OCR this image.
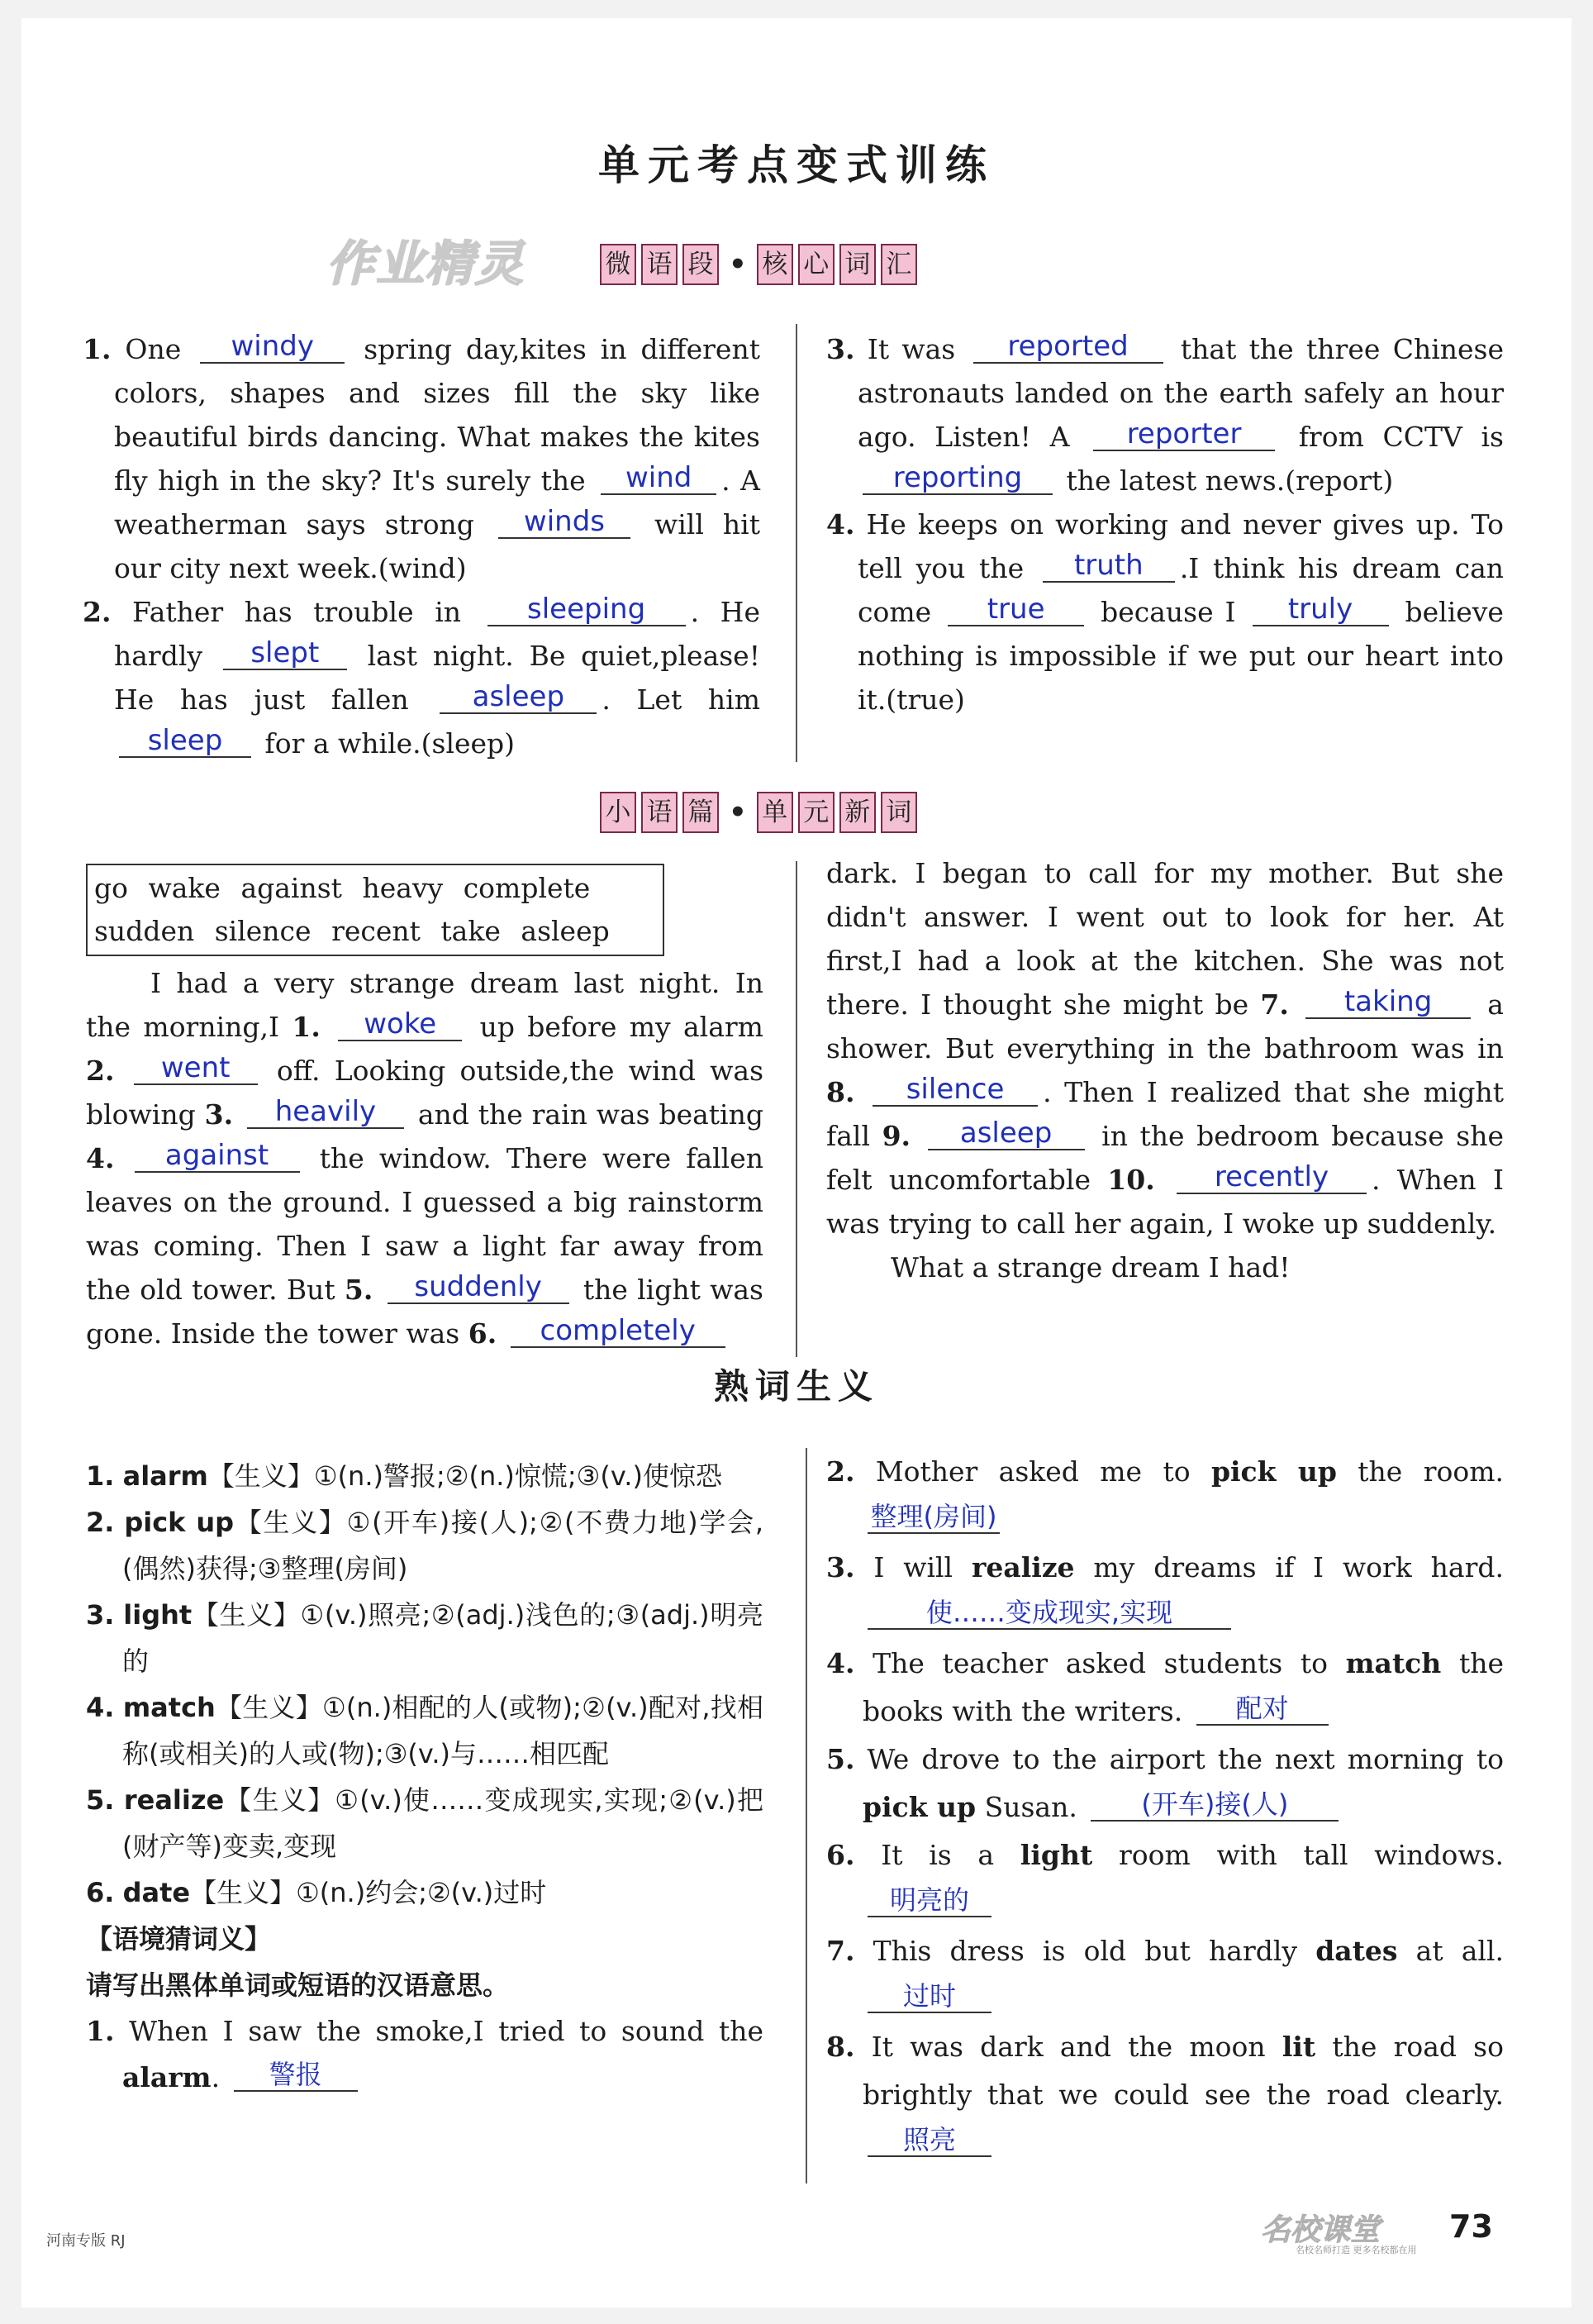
单元考点变式训练
作业精灵	微 语 段 • 核 心 词 汇

1. One windy spring day,kites in different colors, shapes and sizes fill the sky like beautiful birds dancing. What makes the kites fly high in the sky? It's surely the wind . A weatherman says strong winds will hit our city next week.(wind)

2. Father has trouble in sleeping . He hardly slept last night. Be quiet,please! He has just fallen asleep . Let him sleep for a while.(sleep)

3. It was reported that the three Chinese astronauts landed on the earth safely an hour ago. Listen! A reporter from CCTV is reporting the latest news.(report)

4. He keeps on working and never gives up. To tell you the truth .I think his dream can come true because I truly believe nothing is impossible if we put our heart into it.(true)

小 语 篇 • 单 元 新 词
go wake against heavy complete
sudden silence recent take asleep

I had a very strange dream last night. In the morning,I 1. woke up before my alarm 2. went off. Looking outside,the wind was blowing 3. heavily and the rain was beating 4. against the window. There were fallen leaves on the ground. I guessed a big rainstorm was coming. Then I saw a light far away from the old tower. But 5. suddenly the light was gone. Inside the tower was 6. completely

dark. I began to call for my mother. But she didn't answer. I went out to look for her. At first,I had a look at the kitchen. She was not there. I thought she might be 7. taking a shower. But everything in the bathroom was in 8. silence . Then I realized that she might fall 9. asleep in the bedroom because she felt uncomfortable 10. recently . When I was trying to call her again, I woke up suddenly.

What a strange dream I had!

熟词生义

1. alarm【生义】①(n.)警报;②(n.)惊慌;③(v.)使惊恐

2. pick up【生义】①(开车)接(人);②(不费力地)学会,(偶然)获得;③整理(房间)

3. light【生义】①(v.)照亮;②(adj.)浅色的;③(adj.)明亮的

4. match【生义】①(n.)相配的人(或物);②(v.)配对,找相称(或相关)的人或(物);③(v.)与……相匹配

5. realize【生义】①(v.)使……变成现实,实现;②(v.)把(财产等)变卖,变现

6. date【生义】①(n.)约会;②(v.)过时

【语境猜词义】

请写出黑体单词或短语的汉语意思。

1. When I saw the smoke,I tried to sound the alarm. 警报

2. Mother asked me to pick up the room. 整理(房间)

3. I will realize my dreams if I work hard. 使……变成现实,实现

4. The teacher asked students to match the books with the writers. 配对

5. We drove to the airport the next morning to pick up Susan. (开车)接(人)

6. It is a light room with tall windows. 明亮的

7. This dress is old but hardly dates at all. 过时

8. It was dark and the moon lit the road so brightly that we could see the road clearly. 照亮

河南专版 RJ	名校课堂
名校名师打造 更多名校都在用
73
